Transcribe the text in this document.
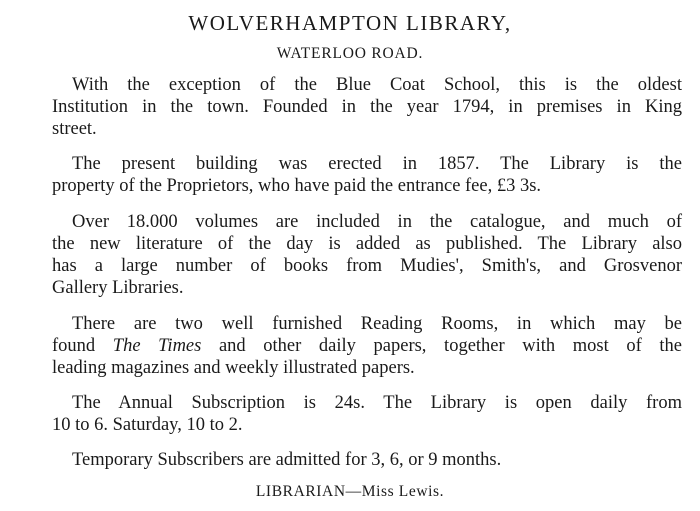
WOLVERHAMPTON LIBRARY,
WATERLOO ROAD.
With the exception of the Blue Coat School, this is the oldest
Institution in the town. Founded in the year 1794, in premises in King
street.
The present building was erected in 1857. The Library is the
property of the Proprietors, who have paid the entrance fee, £3 3s.
Over 18.000 volumes are included in the catalogue, and much of
the new literature of the day is added as published. The Library also
has a large number of books from Mudies', Smith's, and Grosvenor
Gallery Libraries.
There are two well furnished Reading Rooms, in which may be
found The Times and other daily papers, together with most of the
leading magazines and weekly illustrated papers.
The Annual Subscription is 24s. The Library is open daily from
10 to 6. Saturday, 10 to 2.
Temporary Subscribers are admitted for 3, 6, or 9 months.
LIBRARIAN—Miss Lewis.
